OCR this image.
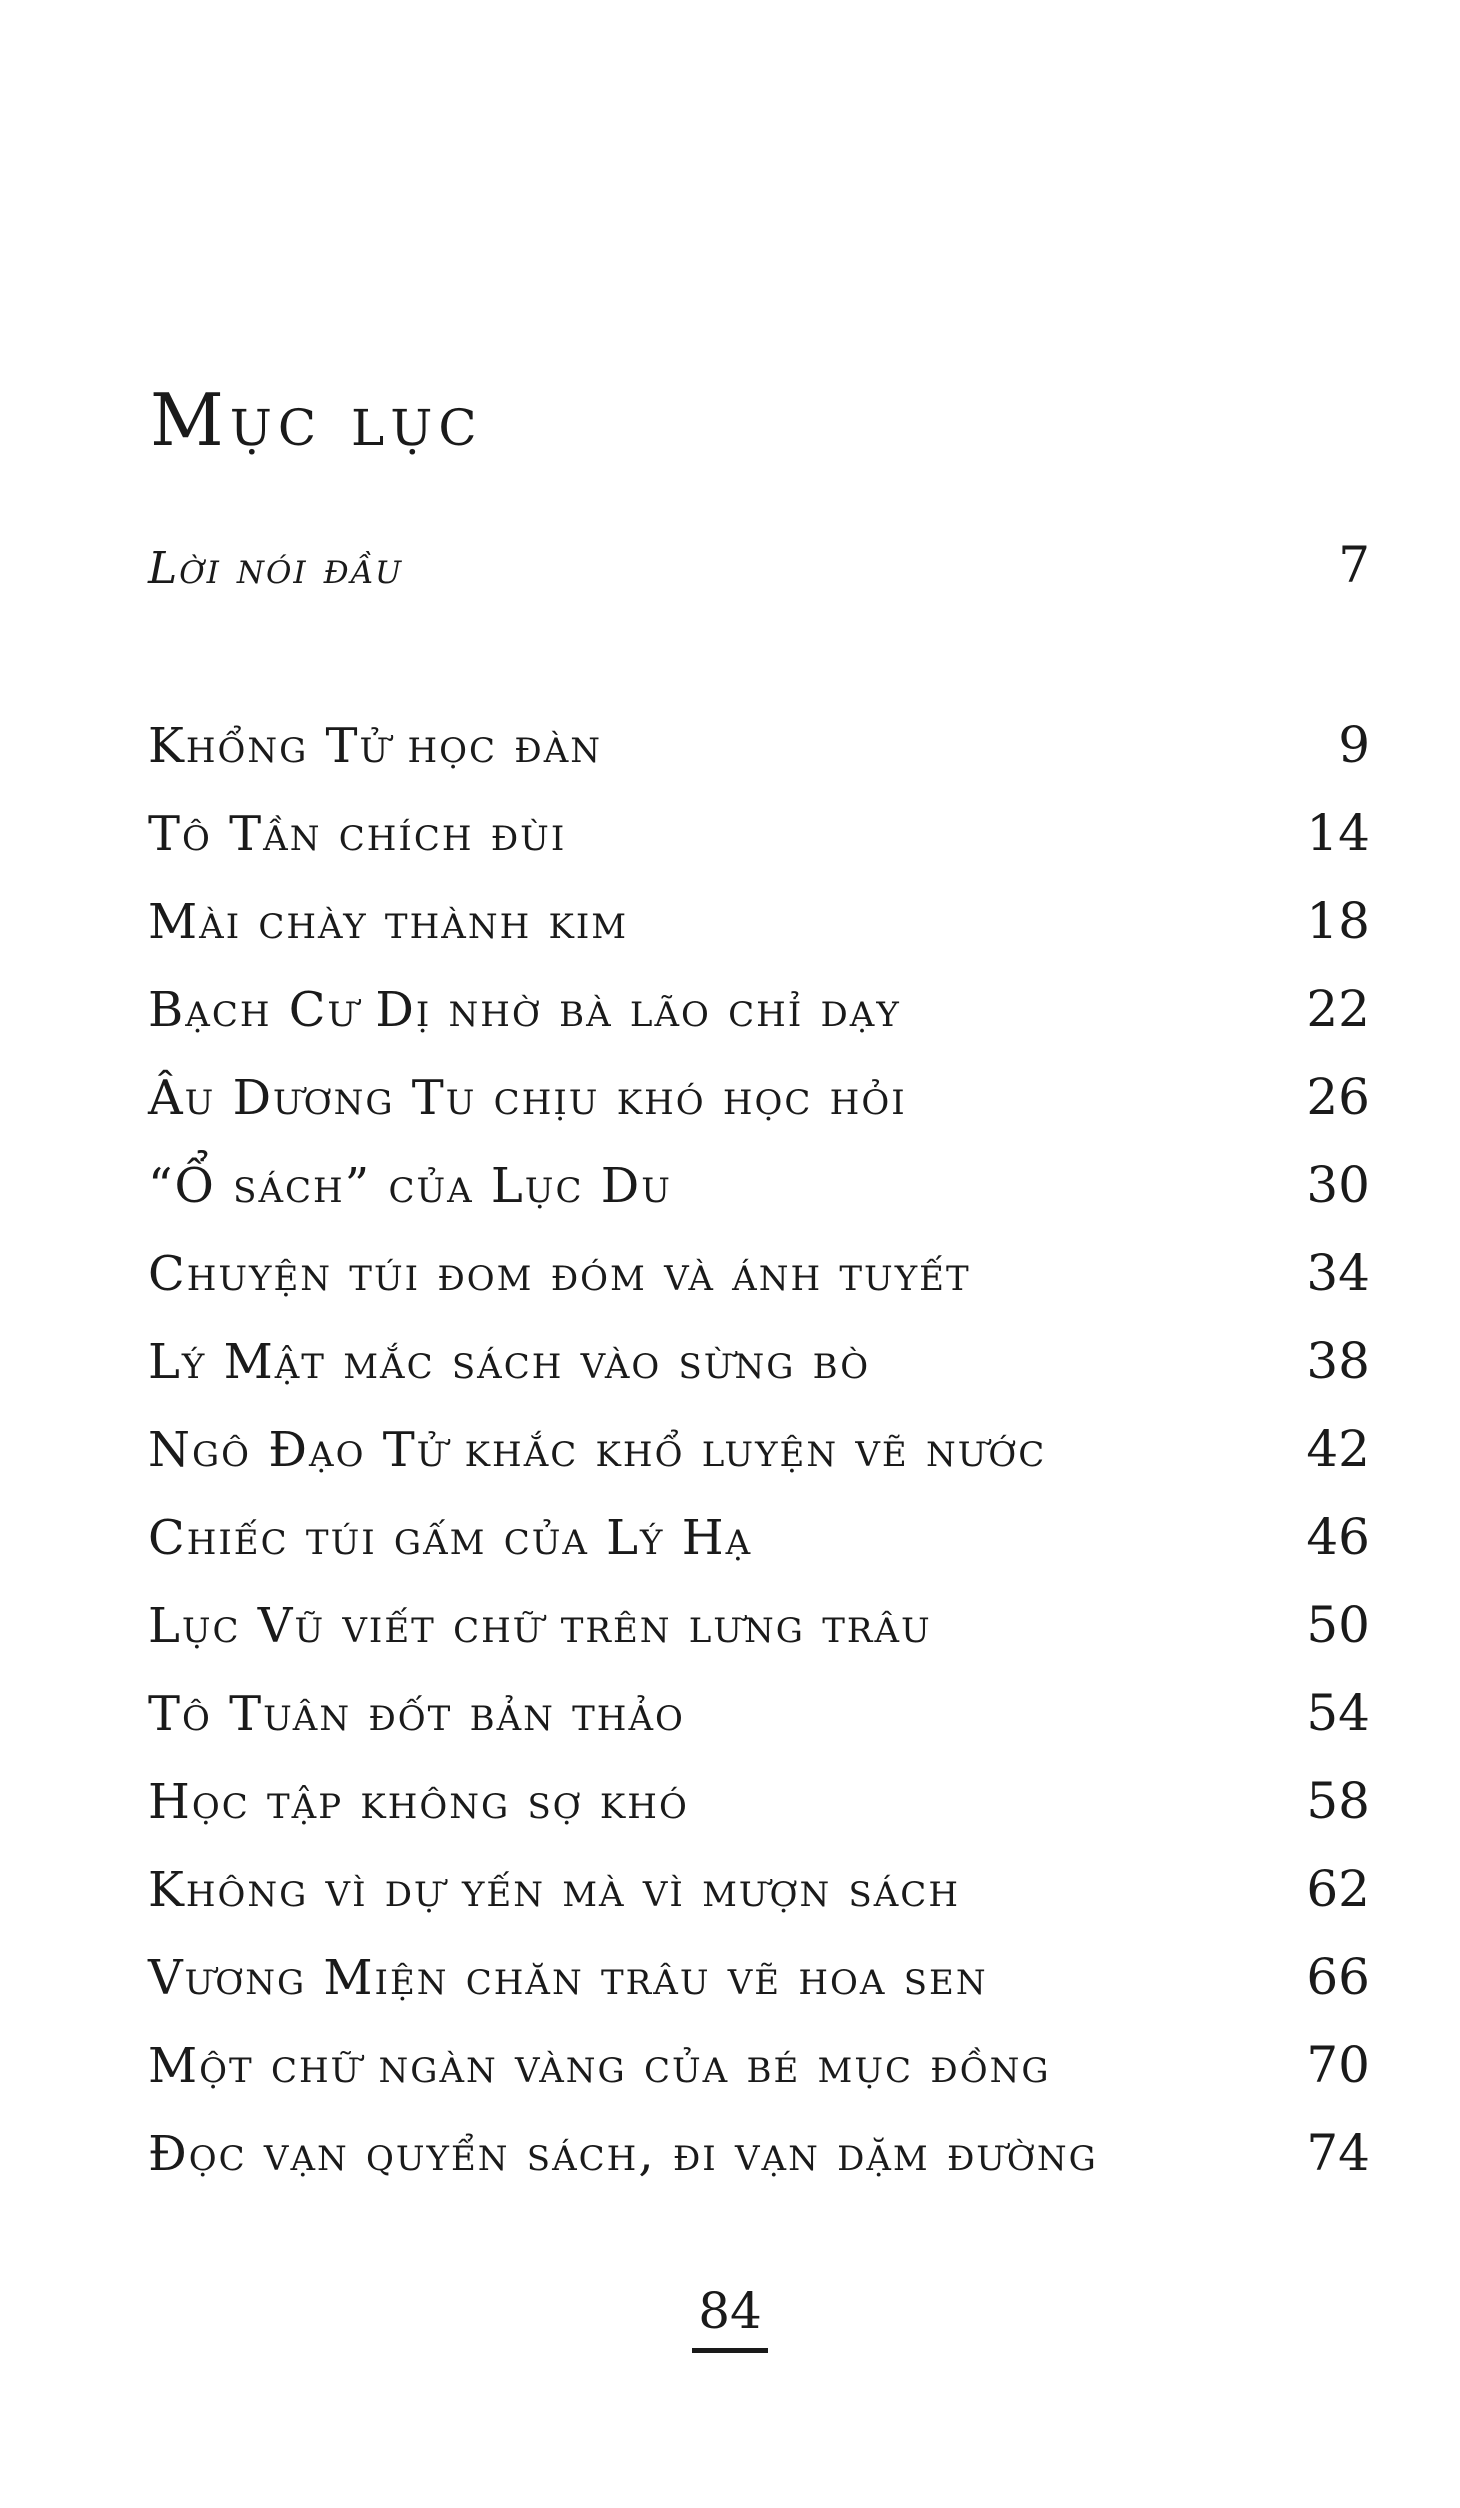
Mục lục
Lời nói đầu	7
Khổng Tử học đàn	9
Tô Tần chích đùi	14
Mài chày thành kim	18
Bạch Cư Dị nhờ bà lão chỉ dạy	22
Âu Dương Tu chịu khó học hỏi	26
“Ổ sách” của Lục Du	30
Chuyện túi đom đóm và ánh tuyết	34
Lý Mật mắc sách vào sừng bò	38
Ngô Đạo Tử khắc khổ luyện vẽ nước	42
Chiếc túi gấm của Lý Hạ	46
Lục Vũ viết chữ trên lưng trâu	50
Tô Tuân đốt bản thảo	54
Học tập không sợ khó	58
Không vì dự yến mà vì mượn sách	62
Vương Miện chăn trâu vẽ hoa sen	66
Một chữ ngàn vàng của bé mục đồng	70
Đọc vạn quyển sách, đi vạn dặm đường	74
84
